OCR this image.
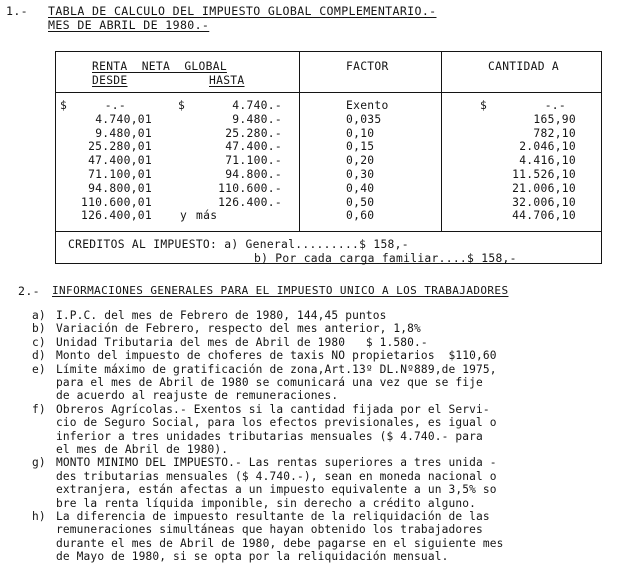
1.- TABLA DE CALCULO DEL IMPUESTO GLOBAL COMPLEMENTARIO.-
MES DE ABRIL DE 1980.-
RENTA  NETA  GLOBAL
DESDE	HASTA
FACTOR	CANTIDAD A
$	-.-	$	4.740.-	Exento	$	-.-
4.740,01	9.480.-	0,035	165,90
9.480,01	25.280.-	0,10	782,10
25.280,01	47.400.-	0,15	2.046,10
47.400,01	71.100.-	0,20	4.416,10
71.100,01	94.800.-	0,30	11.526,10
94.800,01	110.600.-	0,40	21.006,10
110.600,01	126.400.-	0,50	32.006,10
126.400,01 y más	0,60	44.706,10
CREDITOS AL IMPUESTO: a) General.........$ 158,-
b) Por cada carga familiar....$ 158,-
2.- INFORMACIONES GENERALES PARA EL IMPUESTO UNICO A LOS TRABAJADORES
a) I.P.C. del mes de Febrero de 1980, 144,45 puntos
b) Variación de Febrero, respecto del mes anterior, 1,8%
c) Unidad Tributaria del mes de Abril de 1980   $ 1.580.-
d) Monto del impuesto de choferes de taxis NO propietarios  $110,60
e) Límite máximo de gratificación de zona,Art.13º DL.Nº889,de 1975,
para el mes de Abril de 1980 se comunicará una vez que se fije
de acuerdo al reajuste de remuneraciones.
f) Obreros Agrícolas.- Exentos si la cantidad fijada por el Servi-
cio de Seguro Social, para los efectos previsionales, es igual o
inferior a tres unidades tributarias mensuales ($ 4.740.- para
el mes de Abril de 1980).
g) MONTO MINIMO DEL IMPUESTO.- Las rentas superiores a tres unida -
des tributarias mensuales ($ 4.740.-), sean en moneda nacional o
extranjera, están afectas a un impuesto equivalente a un 3,5% so
bre la renta líquida imponible, sin derecho a crédito alguno.
h) La diferencia de impuesto resultante de la reliquidación de las
remuneraciones simultáneas que hayan obtenido los trabajadores
durante el mes de Abril de 1980, debe pagarse en el siguiente mes
de Mayo de 1980, si se opta por la reliquidación mensual.
